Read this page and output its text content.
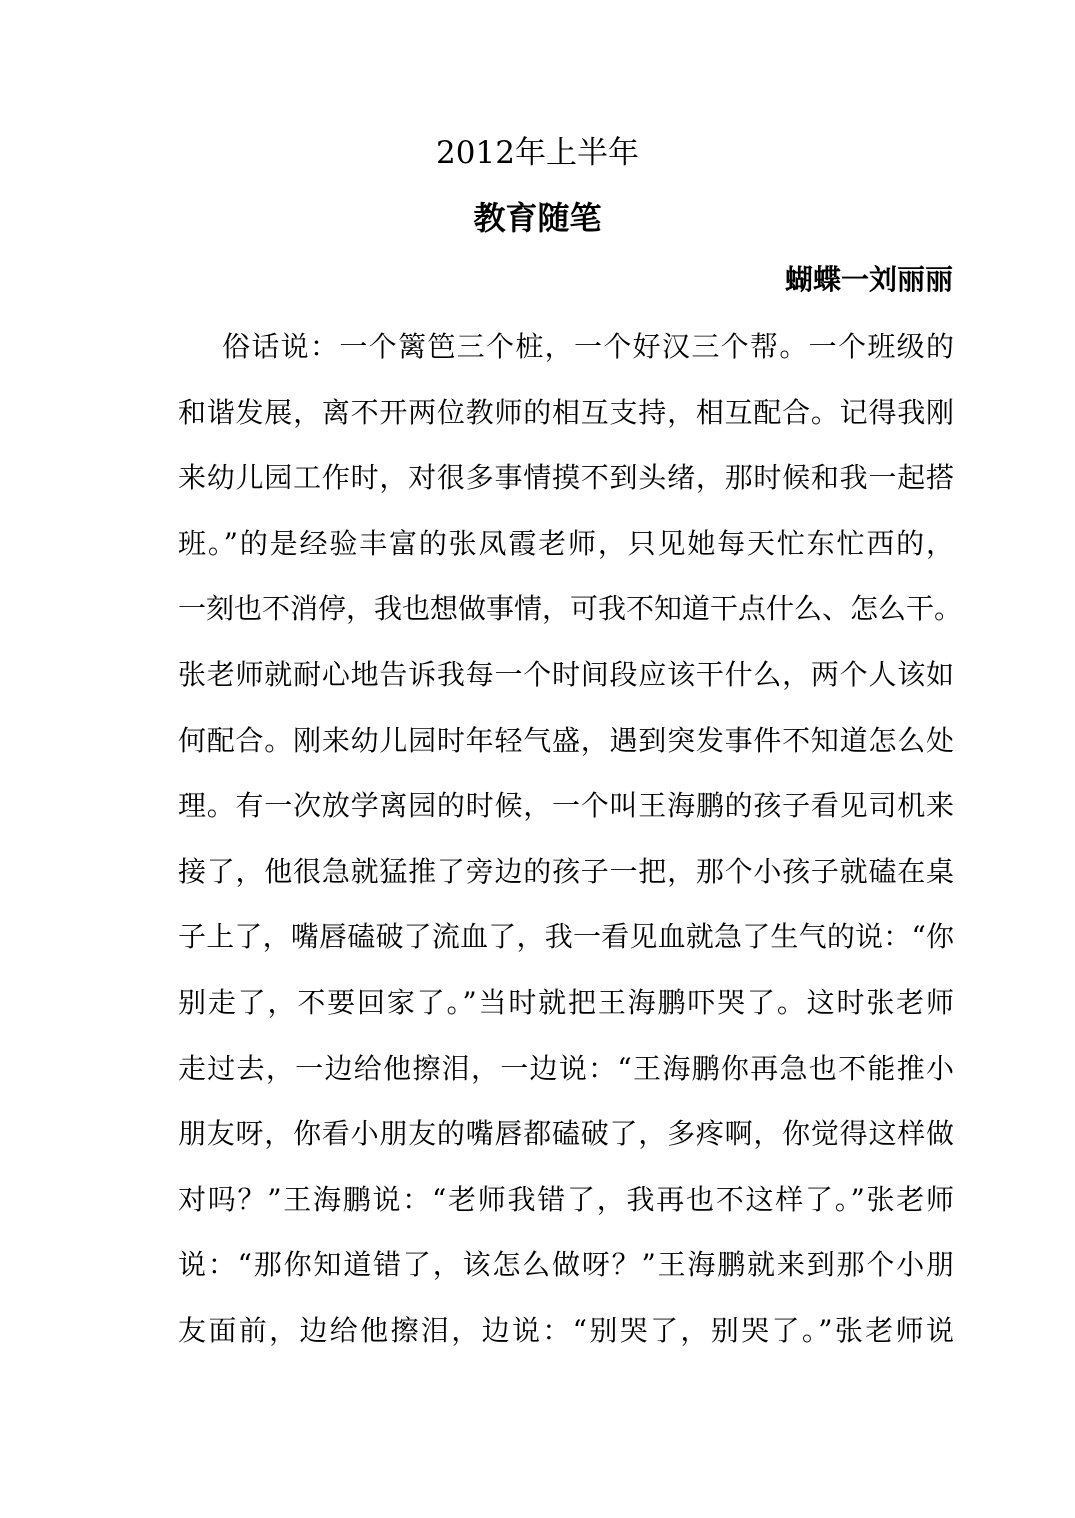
2012年上半年
教育随笔
蝴蝶一刘丽丽
俗话说：一个篱笆三个桩，一个好汉三个帮。一个班级的
和谐发展，离不开两位教师的相互支持，相互配合。记得我刚
来幼儿园工作时，对很多事情摸不到头绪，那时候和我一起搭
班。”的是经验丰富的张凤霞老师，只见她每天忙东忙西的，
一刻也不消停，我也想做事情，可我不知道干点什么、怎么干。
张老师就耐心地告诉我每一个时间段应该干什么，两个人该如
何配合。刚来幼儿园时年轻气盛，遇到突发事件不知道怎么处
理。有一次放学离园的时候，一个叫王海鹏的孩子看见司机来
接了，他很急就猛推了旁边的孩子一把，那个小孩子就磕在桌
子上了，嘴唇磕破了流血了，我一看见血就急了生气的说：“你
别走了，不要回家了。”当时就把王海鹏吓哭了。这时张老师
走过去，一边给他擦泪，一边说：“王海鹏你再急也不能推小
朋友呀，你看小朋友的嘴唇都磕破了，多疼啊，你觉得这样做
对吗？”王海鹏说：“老师我错了，我再也不这样了。”张老师
说：“那你知道错了，该怎么做呀？”王海鹏就来到那个小朋
友面前，边给他擦泪，边说：“别哭了，别哭了。”张老师说
